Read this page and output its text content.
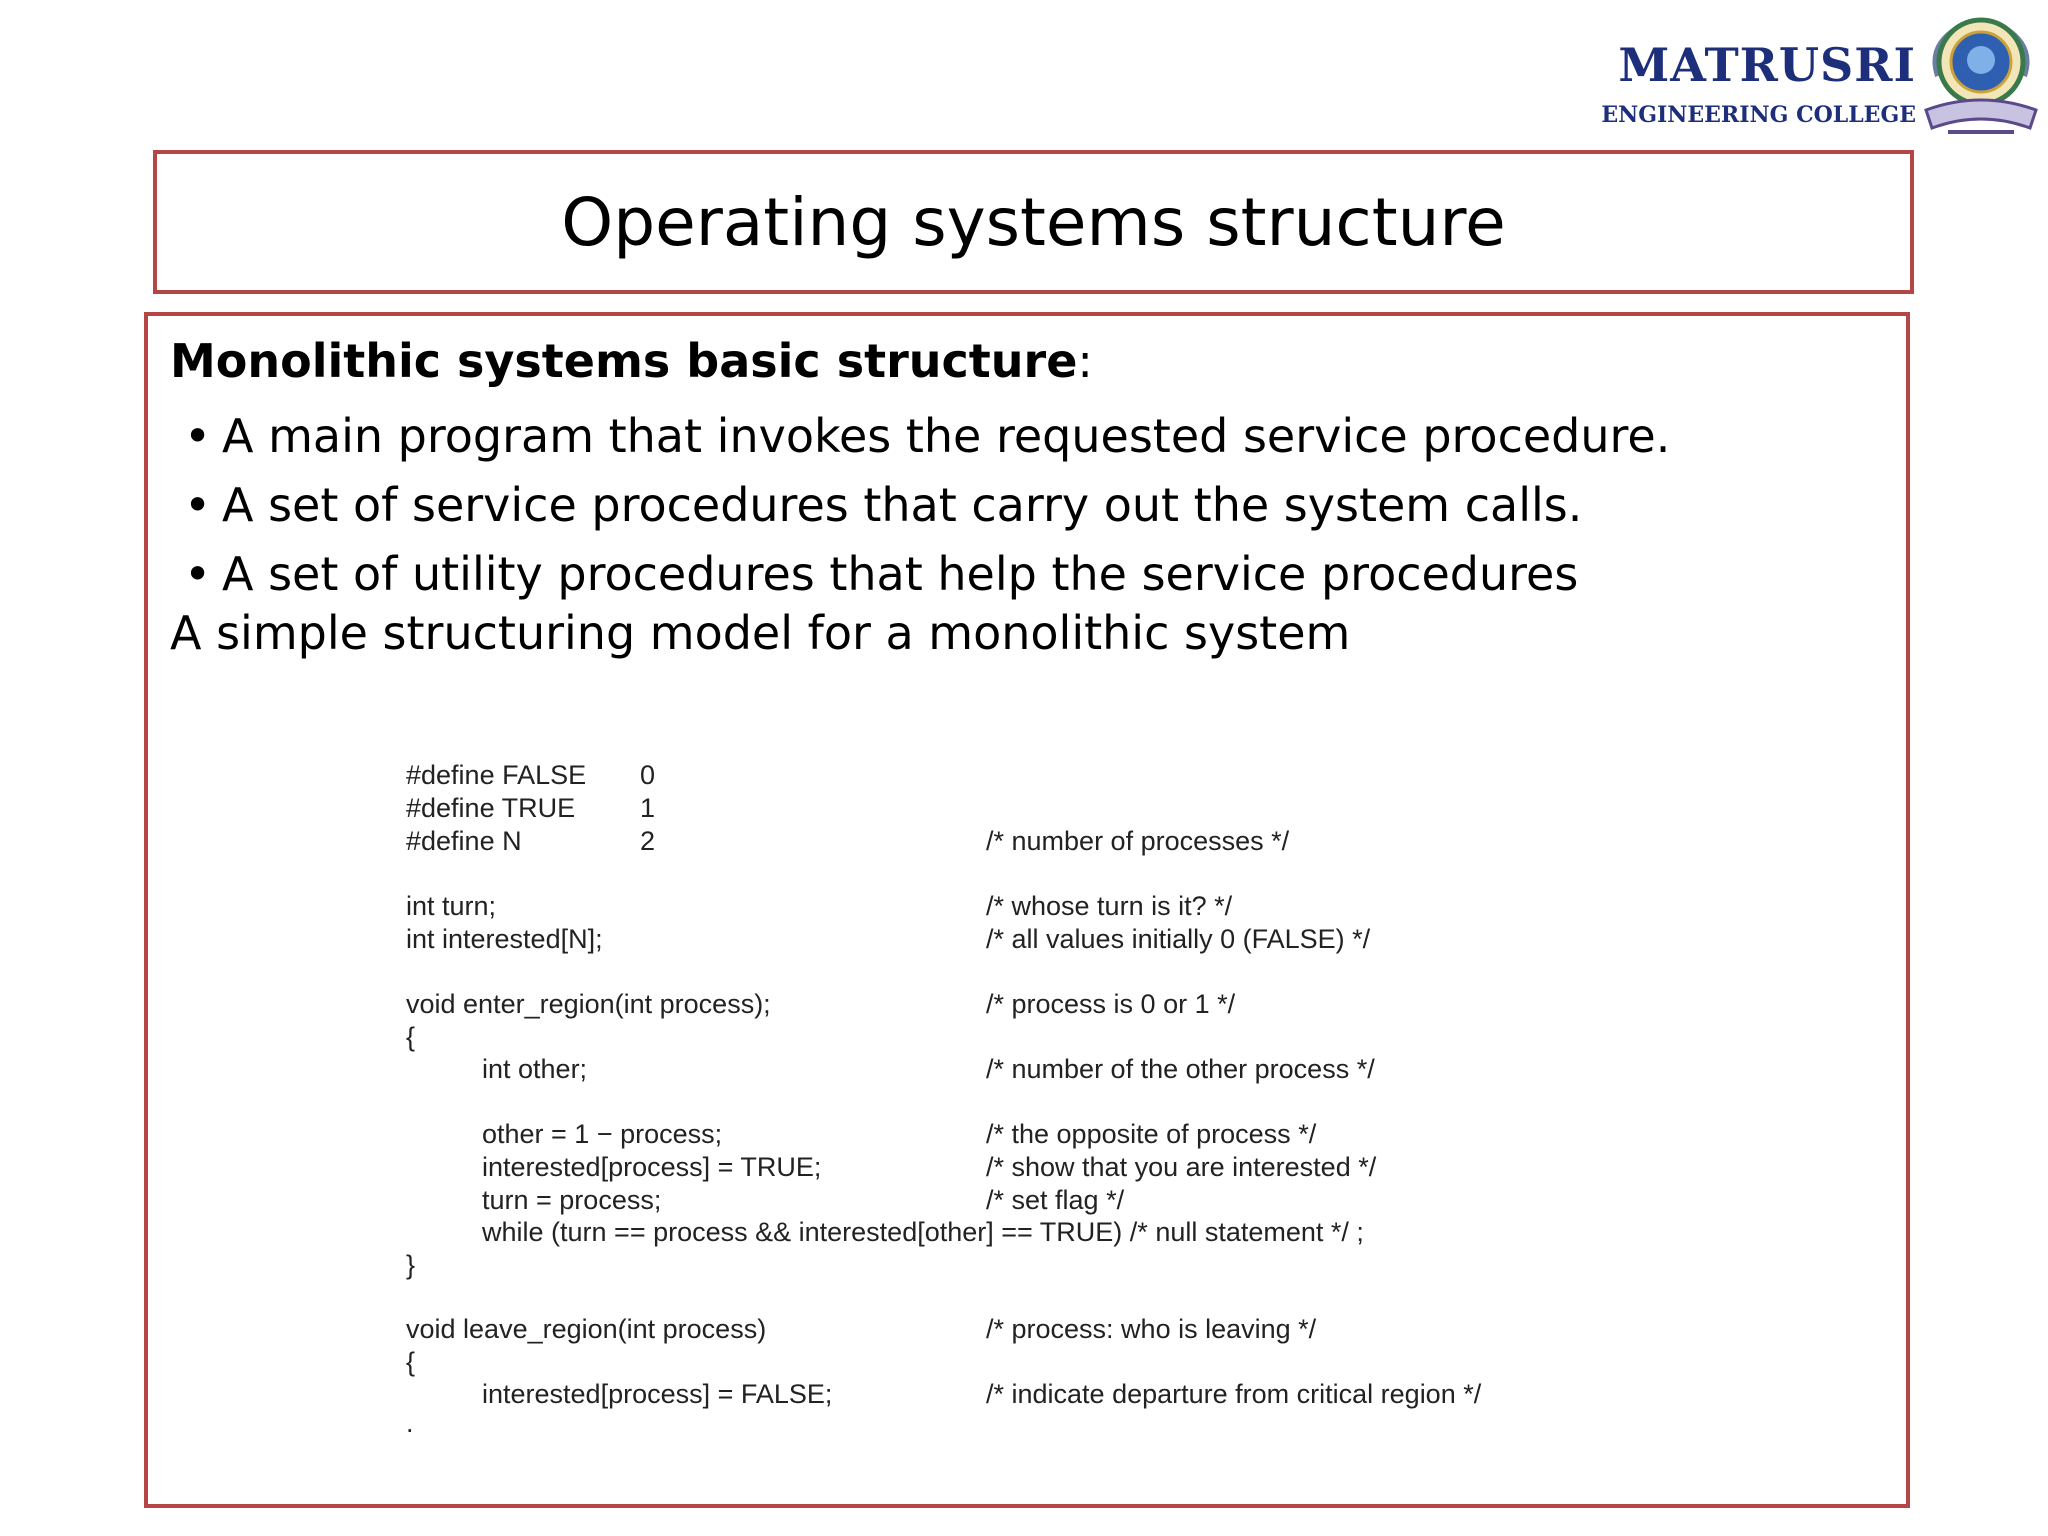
MATRUSRI
ENGINEERING COLLEGE
Operating systems structure
Monolithic systems basic structure:
• A main program that invokes the requested service procedure.
• A set of service procedures that carry out the system calls.
• A set of utility procedures that help the service procedures
A simple structuring model for a monolithic system
#define FALSE 0
#define TRUE 1
#define N	2	/* number of processes */
int turn;	/* whose turn is it? */
int interested[N];	/* all values initially 0 (FALSE) */
void enter_region(int process);	/* process is 0 or 1 */
{
int other;	/* number of the other process */
other = 1 − process;	/* the opposite of process */
interested[process] = TRUE;	/* show that you are interested */
turn = process;	/* set flag */
while (turn == process && interested[other] == TRUE) /* null statement */ ;
}
void leave_region(int process)	/* process: who is leaving */
{
interested[process] = FALSE;	/* indicate departure from critical region */
.
